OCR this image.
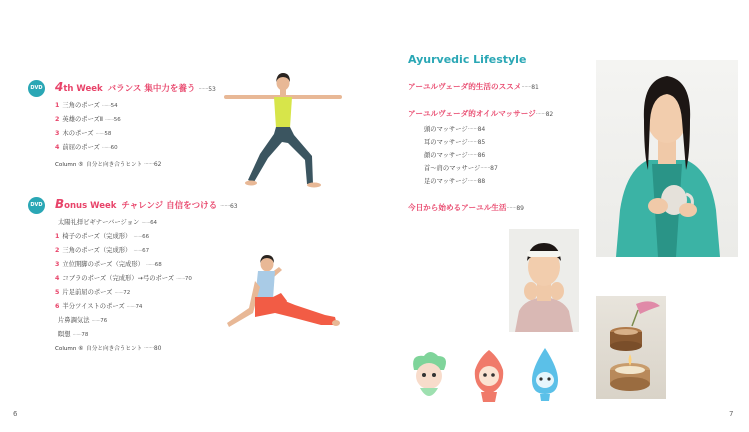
DVD 4th Week バランス 集中力を養う ·······53
1 三角のポーズ ·······54
2 英雄のポーズⅡ ·······56
3 木のポーズ ·······58
4 前屈のポーズ ·······60
Column ⑤ 自分と向き合うヒント ·······62
DVD Bonus Week チャレンジ 自信をつける ·······63
太陽礼拝ビギナーバージョン ·······64
1 椅子のポーズ（完成形） ·······66
2 三角のポーズ（完成形） ·······67
3 立位開脚のポーズ（完成形） ·······68
4 コブラのポーズ（完成形）→弓のポーズ ·······70
5 片足前屈のポーズ ·······72
6 半分ツイストのポーズ ·······74
片鼻調気法 ·······76
瞑想 ·······78
Column ⑥ 自分と向き合うヒント ·······80
6
Ayurvedic Lifestyle
アーユルヴェーダ的生活のススメ·······81
アーユルヴェーダ的オイルマッサージ·······82
頭のマッサージ·······84
耳のマッサージ·······85
顔のマッサージ·······86
首〜肩のマッサージ·······87
足のマッサージ·······88
今日から始めるアーユル生活·······89
7
